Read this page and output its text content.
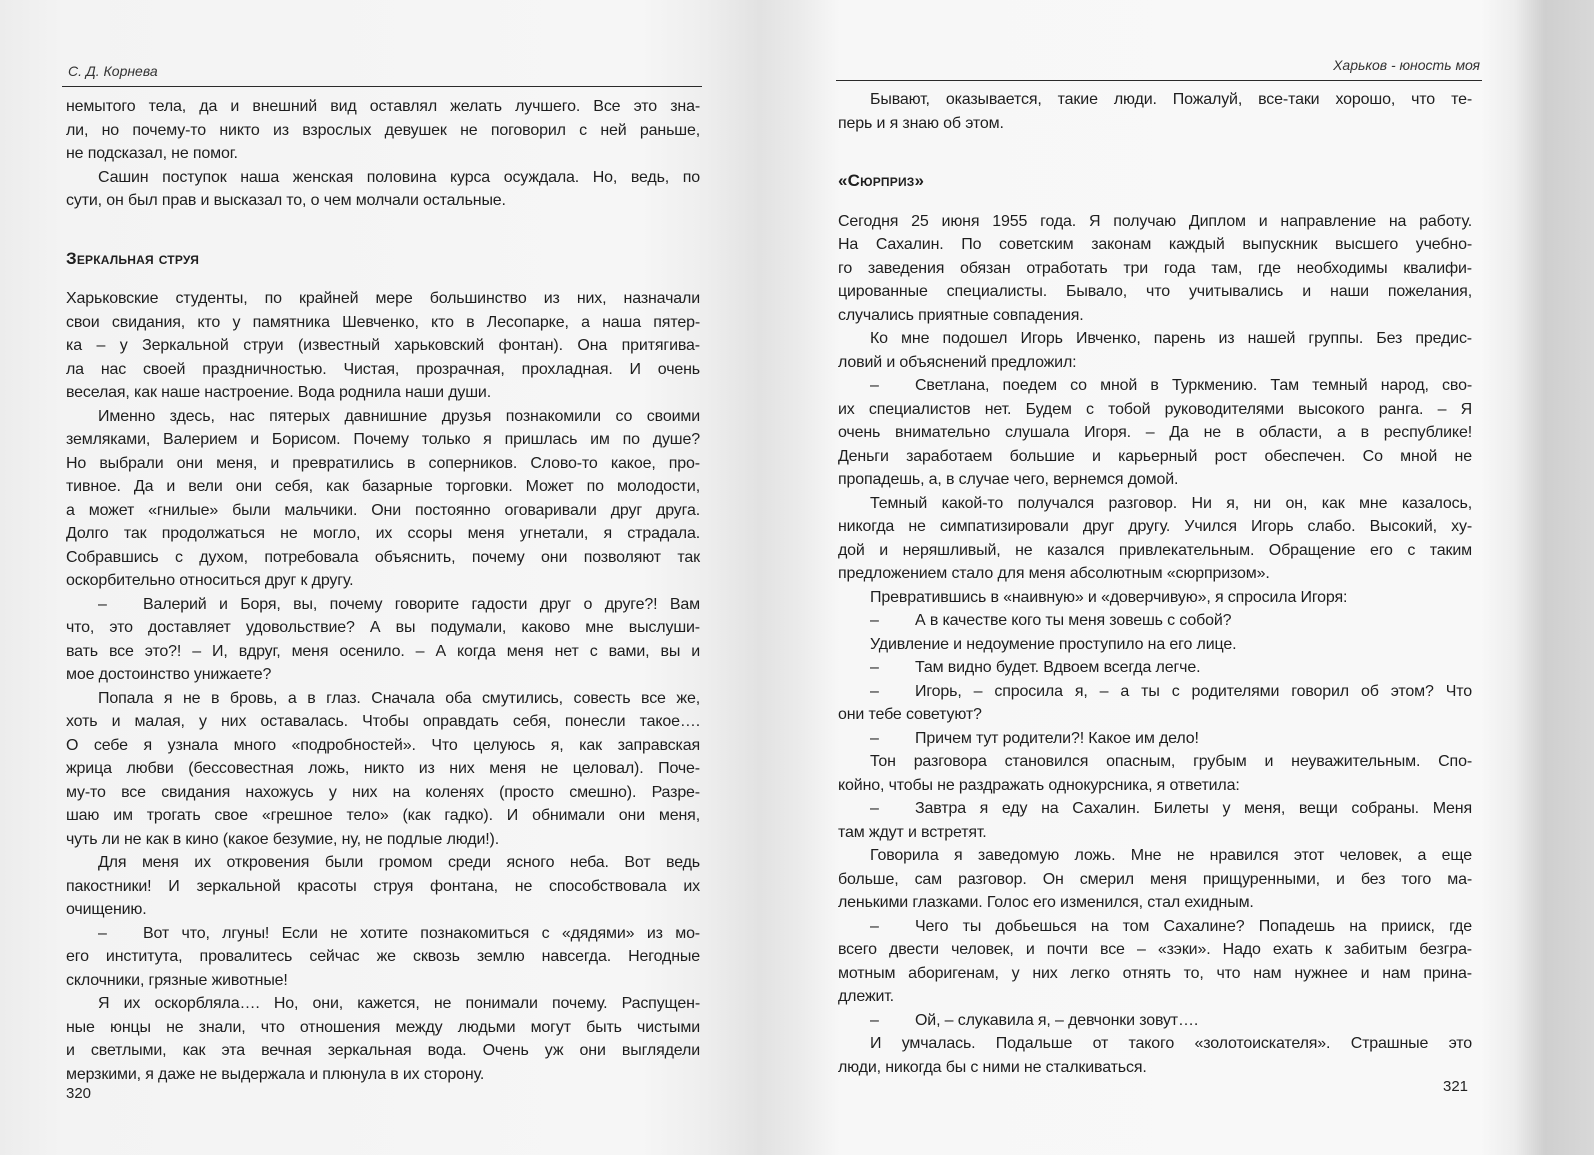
С. Д. Корнева
немытого тела, да и внешний вид оставлял желать лучшего. Все это зна-
ли, но почему-то никто из взрослых девушек не поговорил с ней раньше,
не подсказал, не помог.
Сашин поступок наша женская половина курса осуждала. Но, ведь, по
сути, он был прав и высказал то, о чем молчали остальные.
Зеркальная струя
Харьковские студенты, по крайней мере большинство из них, назначали
свои свидания, кто у памятника Шевченко, кто в Лесопарке, а наша пятер-
ка – у Зеркальной струи (известный харьковский фонтан). Она притягива-
ла нас своей праздничностью. Чистая, прозрачная, прохладная. И очень
веселая, как наше настроение. Вода роднила наши души.
Именно здесь, нас пятерых давнишние друзья познакомили со своими
земляками, Валерием и Борисом. Почему только я пришлась им по душе?
Но выбрали они меня, и превратились в соперников. Слово-то какое, про-
тивное. Да и вели они себя, как базарные торговки. Может по молодости,
а может «гнилые» были мальчики. Они постоянно оговаривали друг друга.
Долго так продолжаться не могло, их ссоры меня угнетали, я страдала.
Собравшись с духом, потребовала объяснить, почему они позволяют так
оскорбительно относиться друг к другу.
– Валерий и Боря, вы, почему говорите гадости друг о друге?! Вам
что, это доставляет удовольствие? А вы подумали, каково мне выслуши-
вать все это?! – И, вдруг, меня осенило. – А когда меня нет с вами, вы и
мое достоинство унижаете?
Попала я не в бровь, а в глаз. Сначала оба смутились, совесть все же,
хоть и малая, у них оставалась. Чтобы оправдать себя, понесли такое….
О себе я узнала много «подробностей». Что целуюсь я, как заправская
жрица любви (бессовестная ложь, никто из них меня не целовал). Поче-
му-то все свидания нахожусь у них на коленях (просто смешно). Разре-
шаю им трогать свое «грешное тело» (как гадко). И обнимали они меня,
чуть ли не как в кино (какое безумие, ну, не подлые люди!).
Для меня их откровения были громом среди ясного неба. Вот ведь
пакостники! И зеркальной красоты струя фонтана, не способствовала их
очищению.
– Вот что, лгуны! Если не хотите познакомиться с «дядями» из мо-
его института, провалитесь сейчас же сквозь землю навсегда. Негодные
склочники, грязные животные!
Я их оскорбляла…. Но, они, кажется, не понимали почему. Распущен-
ные юнцы не знали, что отношения между людьми могут быть чистыми
и светлыми, как эта вечная зеркальная вода. Очень уж они выглядели
мерзкими, я даже не выдержала и плюнула в их сторону.
320
Харьков - юность моя
Бывают, оказывается, такие люди. Пожалуй, все-таки хорошо, что те-
перь и я знаю об этом.
«Сюрприз»
Сегодня 25 июня 1955 года. Я получаю Диплом и направление на работу.
На Сахалин. По советским законам каждый выпускник высшего учебно-
го заведения обязан отработать три года там, где необходимы квалифи-
цированные специалисты. Бывало, что учитывались и наши пожелания,
случались приятные совпадения.
Ко мне подошел Игорь Ивченко, парень из нашей группы. Без предис-
ловий и объяснений предложил:
– Светлана, поедем со мной в Туркмению. Там темный народ, сво-
их специалистов нет. Будем с тобой руководителями высокого ранга. – Я
очень внимательно слушала Игоря. – Да не в области, а в республике!
Деньги заработаем большие и карьерный рост обеспечен. Со мной не
пропадешь, а, в случае чего, вернемся домой.
Темный какой-то получался разговор. Ни я, ни он, как мне казалось,
никогда не симпатизировали друг другу. Учился Игорь слабо. Высокий, ху-
дой и неряшливый, не казался привлекательным. Обращение его с таким
предложением стало для меня абсолютным «сюрпризом».
Превратившись в «наивную» и «доверчивую», я спросила Игоря:
– А в качестве кого ты меня зовешь с собой?
Удивление и недоумение проступило на его лице.
– Там видно будет. Вдвоем всегда легче.
– Игорь, – спросила я, – а ты с родителями говорил об этом? Что
они тебе советуют?
– Причем тут родители?! Какое им дело!
Тон разговора становился опасным, грубым и неуважительным. Спо-
койно, чтобы не раздражать однокурсника, я ответила:
– Завтра я еду на Сахалин. Билеты у меня, вещи собраны. Меня
там ждут и встретят.
Говорила я заведомую ложь. Мне не нравился этот человек, а еще
больше, сам разговор. Он смерил меня прищуренными, и без того ма-
ленькими глазками. Голос его изменился, стал ехидным.
– Чего ты добьешься на том Сахалине? Попадешь на прииск, где
всего двести человек, и почти все – «зэки». Надо ехать к забитым безгра-
мотным аборигенам, у них легко отнять то, что нам нужнее и нам прина-
длежит.
– Ой, – слукавила я, – девчонки зовут….
И умчалась. Подальше от такого «золотоискателя». Страшные это
люди, никогда бы с ними не сталкиваться.
321
